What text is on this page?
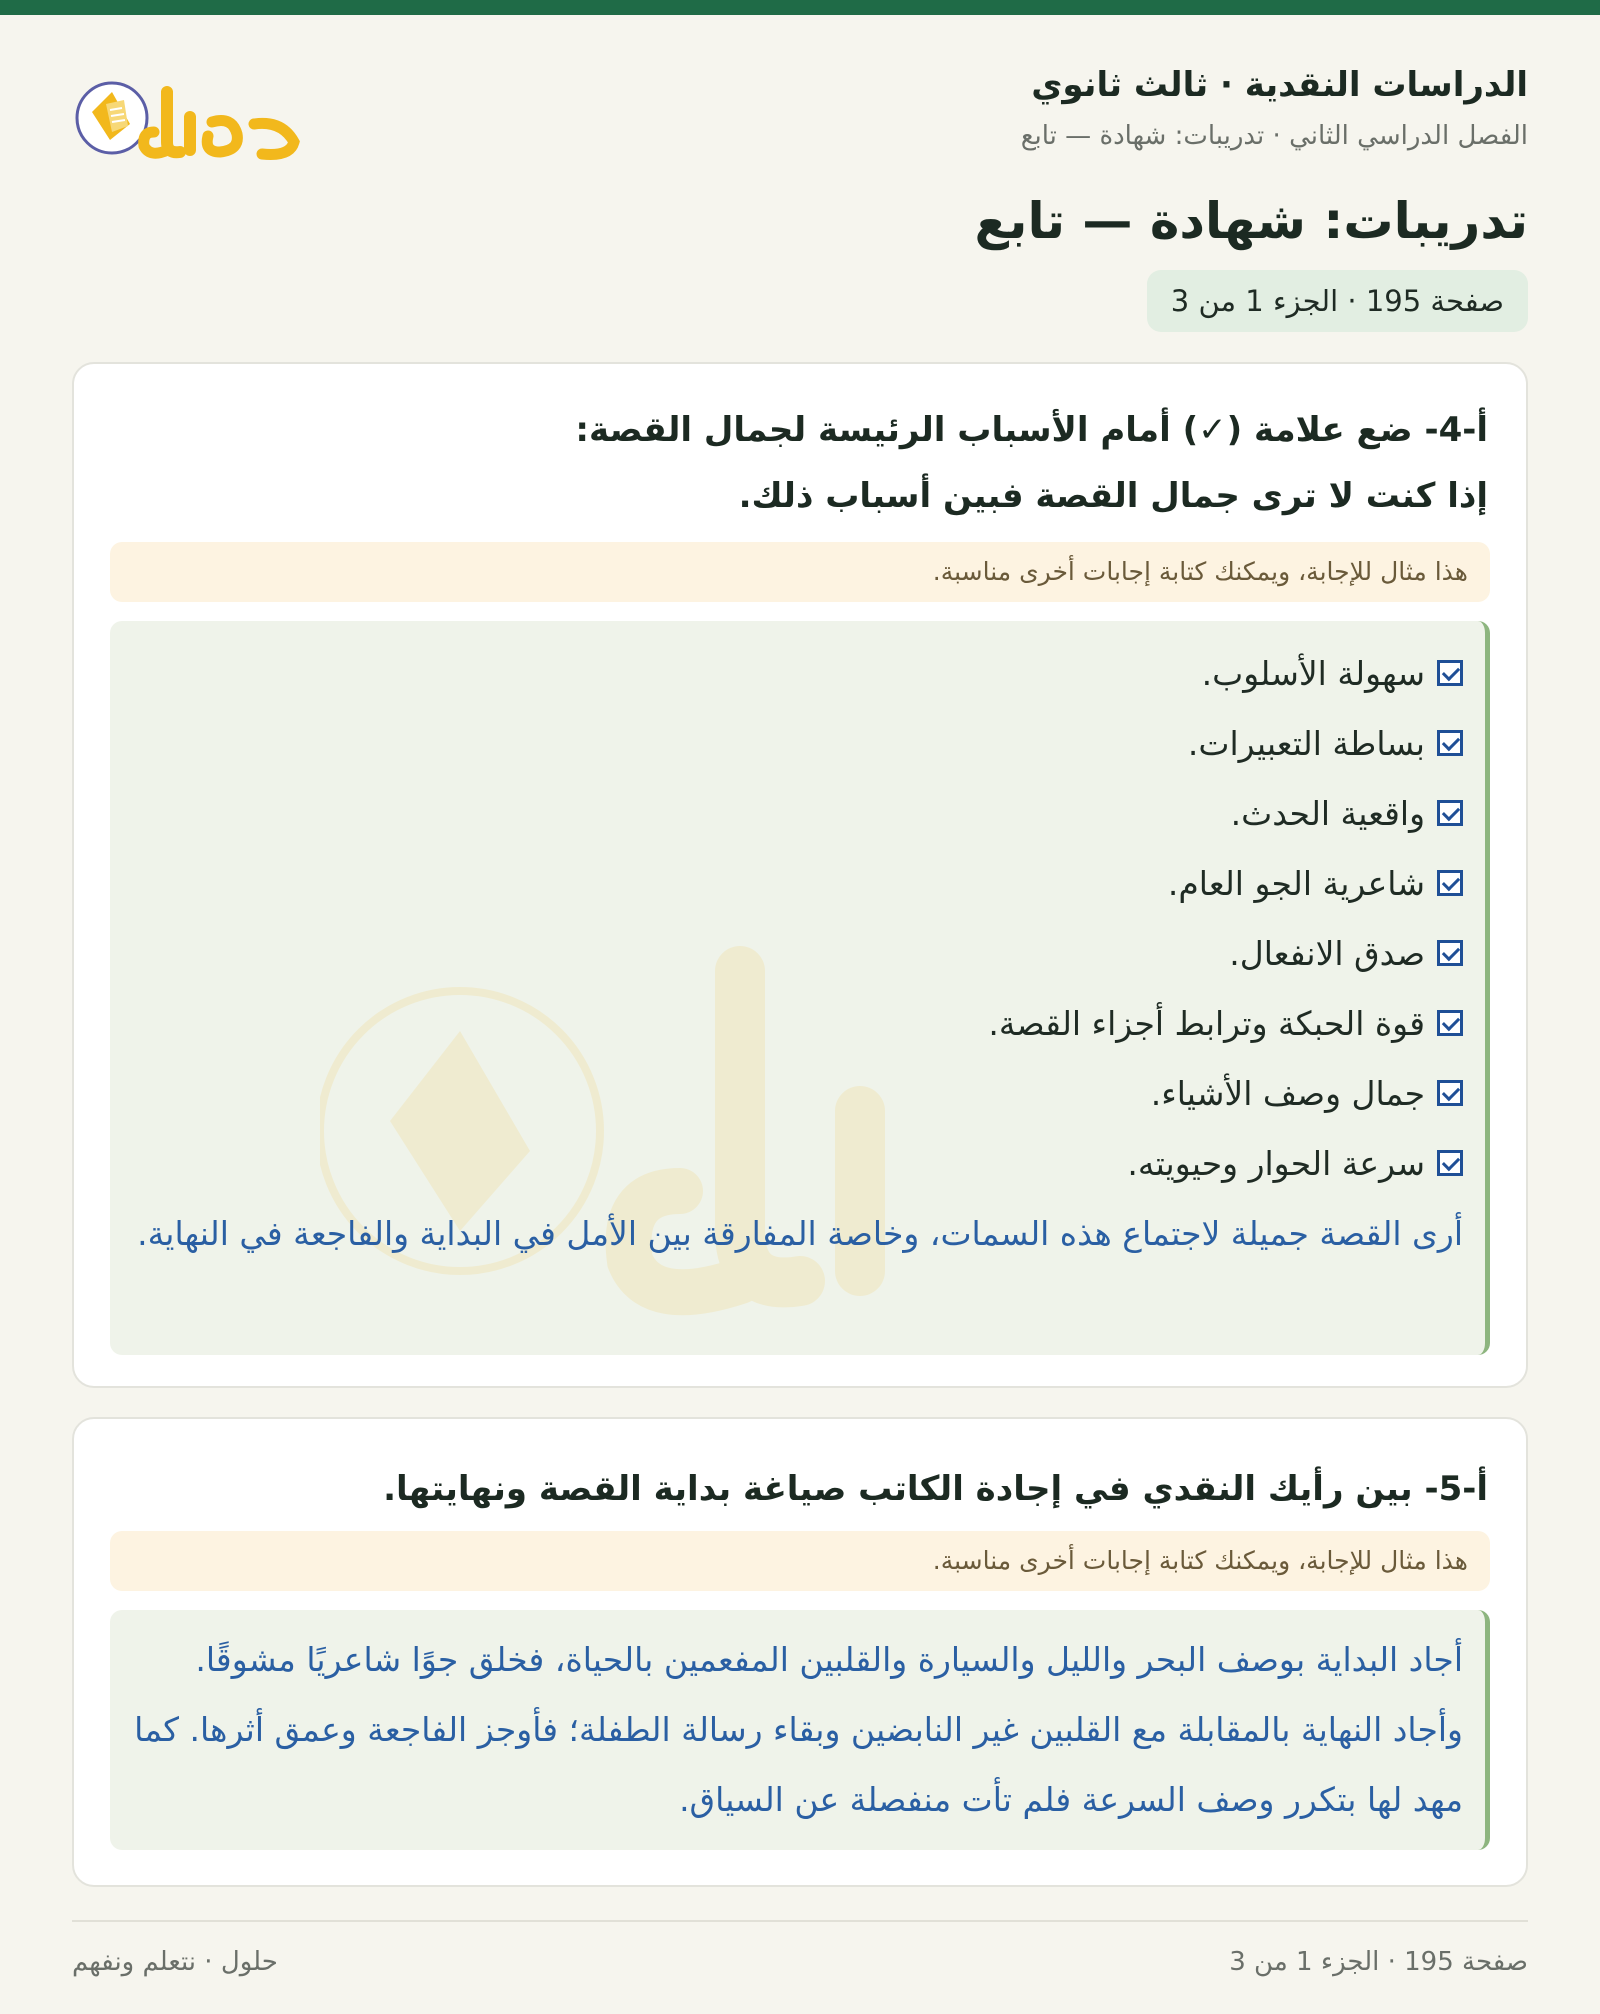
الدراسات النقدية · ثالث ثانوي
الفصل الدراسي الثاني · تدريبات: شهادة — تابع
تدريبات: شهادة — تابع
صفحة 195 · الجزء 1 من 3
أ-4- ضع علامة (✓) أمام الأسباب الرئيسة لجمال القصة:
إذا كنت لا ترى جمال القصة فبين أسباب ذلك.
هذا مثال للإجابة، ويمكنك كتابة إجابات أخرى مناسبة.
سهولة الأسلوب.
بساطة التعبيرات.
واقعية الحدث.
شاعرية الجو العام.
صدق الانفعال.
قوة الحبكة وترابط أجزاء القصة.
جمال وصف الأشياء.
سرعة الحوار وحيويته.
أرى القصة جميلة لاجتماع هذه السمات، وخاصة المفارقة بين الأمل في البداية والفاجعة في النهاية.
أ-5- بين رأيك النقدي في إجادة الكاتب صياغة بداية القصة ونهايتها.
هذا مثال للإجابة، ويمكنك كتابة إجابات أخرى مناسبة.
أجاد البداية بوصف البحر والليل والسيارة والقلبين المفعمين بالحياة، فخلق جوًا شاعريًا مشوقًا. وأجاد النهاية بالمقابلة مع القلبين غير النابضين وبقاء رسالة الطفلة؛ فأوجز الفاجعة وعمق أثرها. كما مهد لها بتكرر وصف السرعة فلم تأت منفصلة عن السياق.
صفحة 195 · الجزء 1 من 3
حلول · نتعلم ونفهم
